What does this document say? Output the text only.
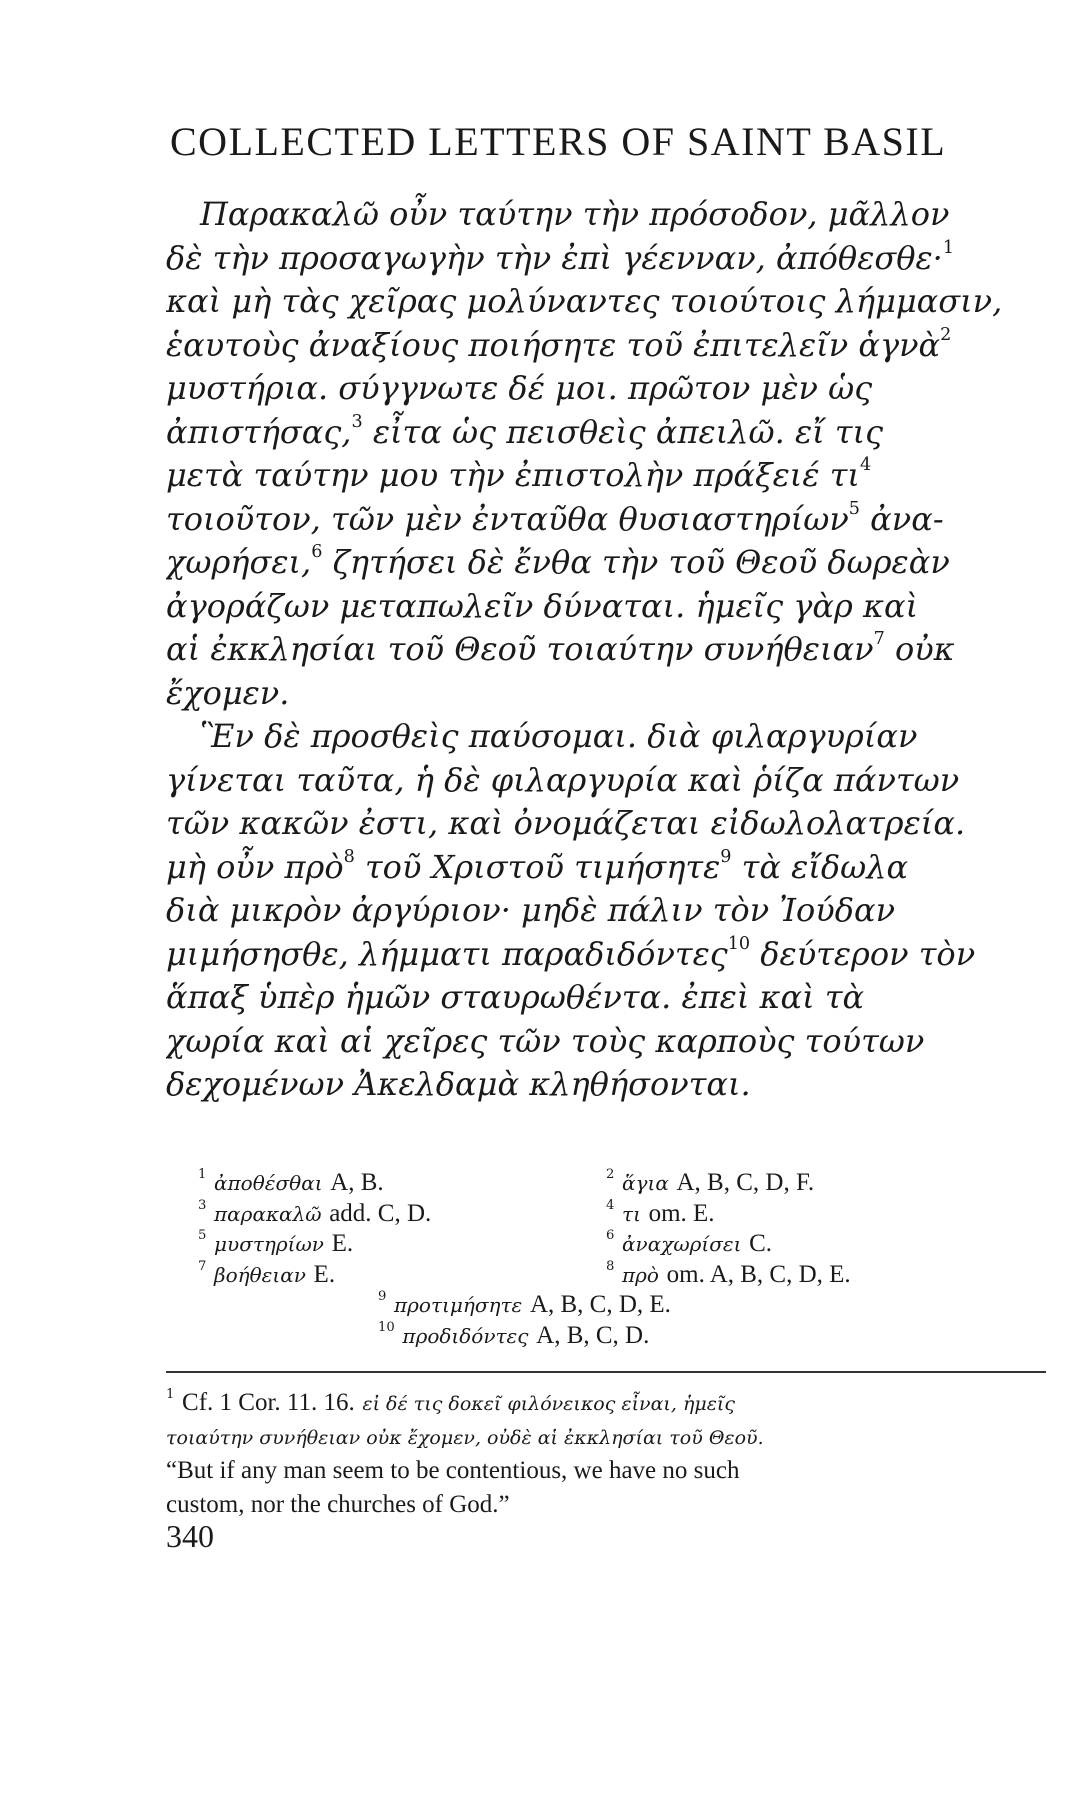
COLLECTED LETTERS OF SAINT BASIL
Παρακαλῶ οὖν ταύτην τὴν πρόσοδον, μᾶλλον
δὲ τὴν προσαγωγὴν τὴν ἐπὶ γέενναν, ἀπόθεσθε·$^1$
καὶ μὴ τὰς χεῖρας μολύναντες τοιούτοις λήμμασιν,
ἑαυτοὺς ἀναξίους ποιήσητε τοῦ ἐπιτελεῖν ἁγνὰ$^2$
μυστήρια. σύγγνωτε δέ μοι. πρῶτον μὲν ὡς
ἀπιστήσας,$^3$ εἶτα ὡς πεισθεὶς ἀπειλῶ. εἴ τις
μετὰ ταύτην μου τὴν ἐπιστολὴν πράξειέ $\tau\iota^4$
τοιοῦτον, τῶν μὲν ἐνταῦθα θυσιαστηρίων$^5$ ἀνα-
χωρήσει,$^6$ ζητήσει δὲ ἔνθα τὴν τοῦ Θεοῦ δωρεὰν
ἀγοράζων μεταπωλεῖν δύναται. ἡμεῖς γὰρ καὶ
αἱ ἐκκλησίαι τοῦ Θεοῦ τοιαύτην συνήθειαν$^7$ οὐκ
ἔχομεν.
Ἓν δὲ προσθεὶς παύσομαι. διὰ φιλαργυρίαν
γίνεται ταῦτα, ἡ δὲ φιλαργυρία καὶ ῥίζα πάντων
τῶν κακῶν ἐστι, καὶ ὀνομάζεται εἰδωλολατρεία.
μὴ οὖν πρὸ$^8$ τοῦ Χριστοῦ τιμήσητε$^9$ τὰ εἴδωλα
διὰ μικρὸν ἀργύριον· μηδὲ πάλιν τὸν Ἰούδαν
μιμήσησθε, λήμματι παραδιδόντες$^{10}$ δεύτερον τὸν
ἅπαξ ὑπὲρ ἡμῶν σταυρωθέντα. ἐπεὶ καὶ τὰ
χωρία καὶ αἱ χεῖρες τῶν τοὺς καρποὺς τούτων
δεχομένων Ἀκελδαμὰ κληθήσονται.
$^1$ ἀποθέσθαι A, B.	$^2$ ἅγια A, B, C, D, F.
$^3$ παρακαλῶ add. C, D.	$^4$ τι om. E.
$^5$ μυστηρίων E.	$^6$ ἀναχωρίσει C.
$^7$ βοήθειαν E.	$^8$ πρὸ om. A, B, C, D, E.
$^9$ προτιμήσητε A, B, C, D, E.
$^{10}$ προδιδόντες A, B, C, D.
$^1$ Cf. 1 Cor. 11. 16. εἰ δέ τις δοκεῖ φιλόνεικος εἶναι, ἡμεῖς
τοιαύτην συνήθειαν οὐκ ἔχομεν, οὐδὲ αἱ ἐκκλησίαι τοῦ Θεοῦ.
“But if any man seem to be contentious, we have no such
custom, nor the churches of God.”
340
